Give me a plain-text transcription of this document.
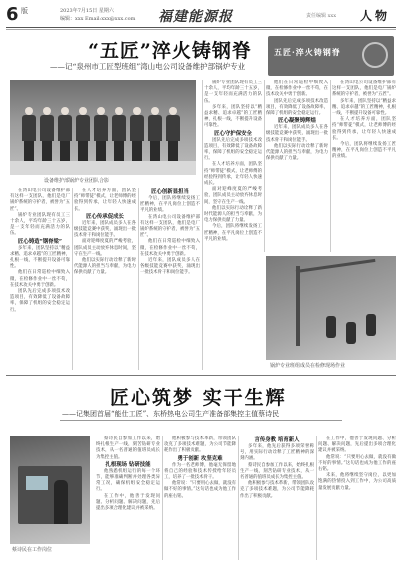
6 版	2023年7月15日 星期六
编辑：xxx Email:xxx@xxx.com 福建能源报	责任编辑 xxx 人物
“五匠”淬火铸钢脊
——记“泉州市工匠型班组”湾山电公司设备维护部锅炉专业
五匠·淬火铸钢脊
设备维护部锅炉专业团队合影

在湾山电公司设备维护部有这样一支团队，他们是电厂锅炉系统的守护者，被誉为“五匠”。

锅炉专业团队现有员工三十余人，平均年龄三十五岁，是一支年轻而充满活力的队伍。

匠心铸造“钢脊梁”

多年来，团队坚持以“精益求精、追求卓越”的工匠精神，扎根一线，不断提升设备可靠性。

他们在日常巡检中细致入微，在检修作业中一丝不苟，在技术攻关中勇于创新。

团队先后完成多项技术改造项目，有效降低了设备故障率，保障了机组的安全稳定运行。

在人才培养方面，团队坚持“师带徒”模式，让老师傅的经验得到传承，让年轻人快速成长。

匠心传承促成长

近年来，团队成员多人在各级技能竞赛中获奖，涌现出一批技术骨干和岗位能手。

面对迎峰度夏的严峻考验，团队成员主动放弃休息时间，坚守在生产一线。

他们以实际行动诠释了新时代能源人的担当与奉献，为电力保供贡献了力量。

匠心创新显担当

今后，团队将继续发扬工匠精神，在平凡岗位上创造不平凡的业绩。

在湾山电公司设备维护部有这样一支团队，他们是电厂锅炉系统的守护者，被誉为“五匠”。

他们在日常巡检中细致入微，在检修作业中一丝不苟，在技术攻关中勇于创新。

近年来，团队成员多人在各级技能竞赛中获奖，涌现出一批技术骨干和岗位能手。

锅炉专业团队现有员工三十余人，平均年龄三十五岁，是一支年轻而充满活力的队伍。

多年来，团队坚持以“精益求精、追求卓越”的工匠精神，扎根一线，不断提升设备可靠性。

匠心守护保安全

团队先后完成多项技术改造项目，有效降低了设备故障率，保障了机组的安全稳定运行。

在人才培养方面，团队坚持“师带徒”模式，让老师傅的经验得到传承，让年轻人快速成长。

面对迎峰度夏的严峻考验，团队成员主动放弃休息时间，坚守在生产一线。

他们以实际行动诠释了新时代能源人的担当与奉献，为电力保供贡献了力量。

今后，团队将继续发扬工匠精神，在平凡岗位上创造不平凡的业绩。

他们在日常巡检中细致入微，在检修作业中一丝不苟，在技术攻关中勇于创新。

团队先后完成多项技术改造项目，有效降低了设备故障率，保障了机组的安全稳定运行。

匠心凝聚铸辉煌

近年来，团队成员多人在各级技能竞赛中获奖，涌现出一批技术骨干和岗位能手。

他们以实际行动诠释了新时代能源人的担当与奉献，为电力保供贡献了力量。

在湾山电公司设备维护部有这样一支团队，他们是电厂锅炉系统的守护者，被誉为“五匠”。

多年来，团队坚持以“精益求精、追求卓越”的工匠精神，扎根一线，不断提升设备可靠性。

在人才培养方面，团队坚持“师带徒”模式，让老师傅的经验得到传承，让年轻人快速成长。

今后，团队将继续发扬工匠精神，在平凡岗位上创造不平凡的业绩。

锅炉专业班组成员在检修现场作业
匠心筑梦 实干生辉
——记集团首届“能仕工匠”、东桥热电公司生产准备部集控主值蔡诗民
蔡诗民在工作岗位

蔡诗民自参加工作以来，始终扎根生产一线，刻苦钻研专业技术，从一名普通的值班员成长为集控主值。

扎根现场 钻研技能

他熟悉机组运行的每一个环节，能够准确判断并处理各类异常工况，确保机组安全稳定运行。

在工作中，他善于发现问题、分析问题、解决问题，先后提出多项合理化建议并被采纳。

他积极参与技术革新，带领团队攻克了多项技术难题，为公司节能降耗作出了积极贡献。

勇于创新 攻坚克难

作为一名老师傅，他毫无保留地将自己的经验和技术传授给年轻员工，培养了一批技术骨干。

他常说：“只要用心去做，就没有做不好的事情。”这句话也成为他工作的座右铭。

言传身教 培育新人

多年来，他先后获得多项荣誉称号，用实际行动诠释了工匠精神的深刻内涵。

蔡诗民自参加工作以来，始终扎根生产一线，刻苦钻研专业技术，从一名普通的值班员成长为集控主值。

他积极参与技术革新，带领团队攻克了多项技术难题，为公司节能降耗作出了积极贡献。

在工作中，他善于发现问题、分析问题、解决问题，先后提出多项合理化建议并被采纳。

他常说：“只要用心去做，就没有做不好的事情。”这句话也成为他工作的座右铭。

未来，他将继续坚守岗位，以更加饱满的热情投入到工作中，为公司高质量发展贡献力量。
